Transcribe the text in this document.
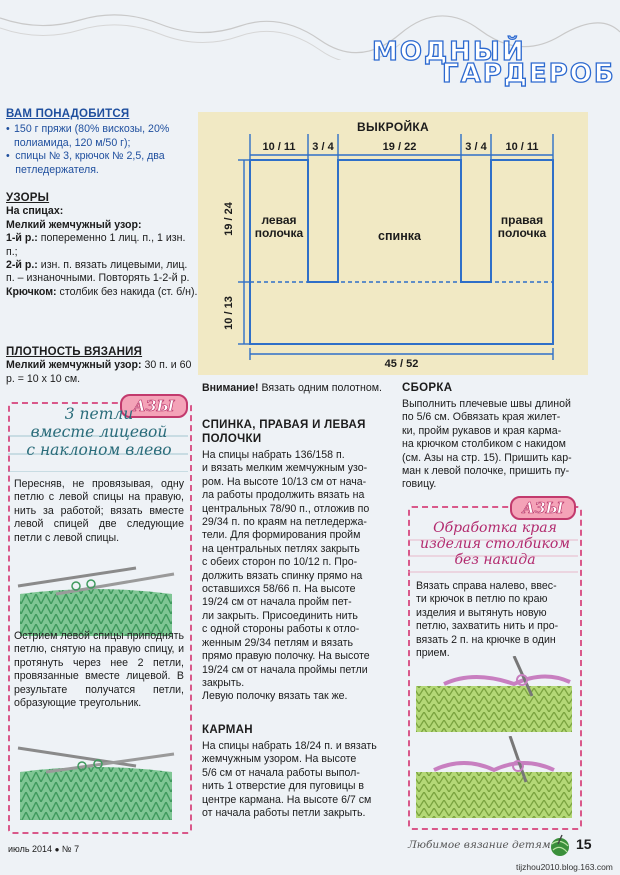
МОДНЫЙ
ГАРДЕРОБ
ВАМ ПОНАДОБИТСЯ
• 150 г пряжи (80% вискозы, 20% полиамида, 120 м/50 г);
• спицы № 3, крючок № 2,5, два петледержателя.
УЗОРЫ

На спицах:

Мелкий жемчужный узор:

1-й р.: попеременно 1 лиц. п., 1 изн. п.;

2-й р.: изн. п. вязать лицевыми, лиц. п. – изнаночными. Повторять 1-2-й р.

Крючком: столбик без накида (ст. б/н).

ПЛОТНОСТЬ ВЯЗАНИЯ

Мелкий жемчужный узор: 30 п. и 60 р. = 10 х 10 см.

ВЫКРОЙКА
10 / 11	3 / 4	19 / 22	3 / 4	10 / 11
19 / 24
10 / 13
45 / 52
левая
полочка	спинка
правая
полочка
АЗЫ
3 петли
вместе лицевой
с наклоном влево
Пересняв, не провязывая, одну петлю с левой спицы на правую, нить за работой; вязать вместе левой спицей две следующие петли с левой спицы.
Острием левой спицы приподнять петлю, снятую на правую спицу, и протянуть через нее 2 петли, провязанные вместе лицевой. В результате получатся петли, образующие треугольник.
Внимание! Вязать одним полотном.
СПИНКА, ПРАВАЯ И ЛЕВАЯ
ПОЛОЧКИ

На спицы набрать 136/158 п.

и вязать мелким жемчужным узо-

ром. На высоте 10/13 см от нача-

ла работы продолжить вязать на

центральных 78/90 п., отложив по

29/34 п. по краям на петледержа-

тели. Для формирования пройм

на центральных петлях закрыть

с обеих сторон по 10/12 п. Про-

должить вязать спинку прямо на

оставшихся 58/66 п. На высоте

19/24 см от начала пройм пет-

ли закрыть. Присоединить нить

с одной стороны работы к отло-

женным 29/34 петлям и вязать

прямо правую полочку. На высоте

19/24 см от начала проймы петли

закрыть.

Левую полочку вязать так же.

КАРМАН

На спицы набрать 18/24 п. и вязать

жемчужным узором. На высоте

5/6 см от начала работы выпол-

нить 1 отверстие для пуговицы в

центре кармана. На высоте 6/7 см

от начала работы петли закрыть.

СБОРКА

Выполнить плечевые швы длиной

по 5/6 см. Обвязать края жилет-

ки, пройм рукавов и края карма-

на крючком столбиком с накидом

(см. Азы на стр. 15). Пришить кар-

ман к левой полочке, пришить пу-

говицу.

АЗЫ
Обработка края
изделия столбиком
без накида

Вязать справа налево, ввес-

ти крючок в петлю по краю

изделия и вытянуть новую

петлю, захватить нить и про-

вязать 2 п. на крючке в один

прием.

июль 2014 ● № 7	Любимое вязание детям 15
tijzhou2010.blog.163.com
